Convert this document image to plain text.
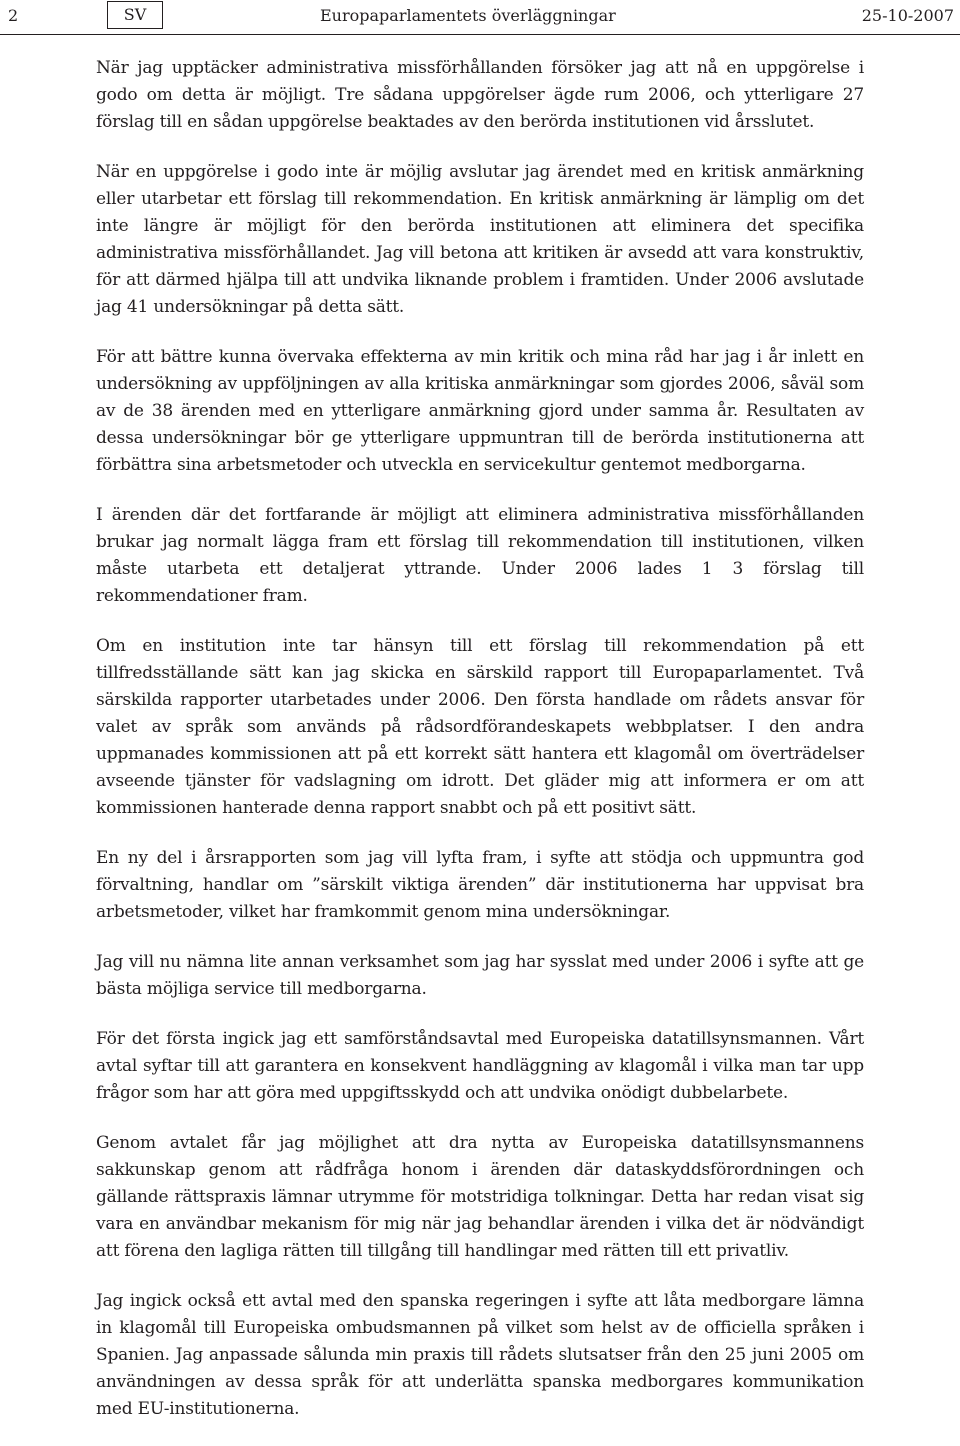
2	SV	Europaparlamentets överläggningar	25-10-2007

När jag upptäcker administrativa missförhållanden försöker jag att nå en uppgörelse i godo om detta är möjligt. Tre sådana uppgörelser ägde rum 2006, och ytterligare 27 förslag till en sådan uppgörelse beaktades av den berörda institutionen vid årsslutet.

När en uppgörelse i godo inte är möjlig avslutar jag ärendet med en kritisk anmärkning eller utarbetar ett förslag till rekommendation. En kritisk anmärkning är lämplig om det inte längre är möjligt för den berörda institutionen att eliminera det specifika administrativa missförhållandet. Jag vill betona att kritiken är avsedd att vara konstruktiv, för att därmed hjälpa till att undvika liknande problem i framtiden. Under 2006 avslutade jag 41 undersökningar på detta sätt.

För att bättre kunna övervaka effekterna av min kritik och mina råd har jag i år inlett en undersökning av uppföljningen av alla kritiska anmärkningar som gjordes 2006, såväl som av de 38 ärenden med en ytterligare anmärkning gjord under samma år. Resultaten av dessa undersökningar bör ge ytterligare uppmuntran till de berörda institutionerna att förbättra sina arbetsmetoder och utveckla en servicekultur gentemot medborgarna.

I ärenden där det fortfarande är möjligt att eliminera administrativa missförhållanden brukar jag normalt lägga fram ett förslag till rekommendation till institutionen, vilken måste utarbeta ett detaljerat yttrande. Under 2006 lades 1 3 förslag till rekommendationer fram.

Om en institution inte tar hänsyn till ett förslag till rekommendation på ett tillfredsställande sätt kan jag skicka en särskild rapport till Europaparlamentet. Två särskilda rapporter utarbetades under 2006. Den första handlade om rådets ansvar för valet av språk som används på rådsordförandeskapets webbplatser. I den andra uppmanades kommissionen att på ett korrekt sätt hantera ett klagomål om överträdelser avseende tjänster för vadslagning om idrott. Det gläder mig att informera er om att kommissionen hanterade denna rapport snabbt och på ett positivt sätt.

En ny del i årsrapporten som jag vill lyfta fram, i syfte att stödja och uppmuntra god förvaltning, handlar om ”särskilt viktiga ärenden” där institutionerna har uppvisat bra arbetsmetoder, vilket har framkommit genom mina undersökningar.

Jag vill nu nämna lite annan verksamhet som jag har sysslat med under 2006 i syfte att ge bästa möjliga service till medborgarna.

För det första ingick jag ett samförståndsavtal med Europeiska datatillsynsmannen. Vårt avtal syftar till att garantera en konsekvent handläggning av klagomål i vilka man tar upp frågor som har att göra med uppgiftsskydd och att undvika onödigt dubbelarbete.

Genom avtalet får jag möjlighet att dra nytta av Europeiska datatillsynsmannens sakkunskap genom att rådfråga honom i ärenden där dataskyddsförordningen och gällande rättspraxis lämnar utrymme för motstridiga tolkningar. Detta har redan visat sig vara en användbar mekanism för mig när jag behandlar ärenden i vilka det är nödvändigt att förena den lagliga rätten till tillgång till handlingar med rätten till ett privatliv.

Jag ingick också ett avtal med den spanska regeringen i syfte att låta medborgare lämna in klagomål till Europeiska ombudsmannen på vilket som helst av de officiella språken i Spanien. Jag anpassade sålunda min praxis till rådets slutsatser från den 25 juni 2005 om användningen av dessa språk för att underlätta spanska medborgares kommunikation med EU-institutionerna.
